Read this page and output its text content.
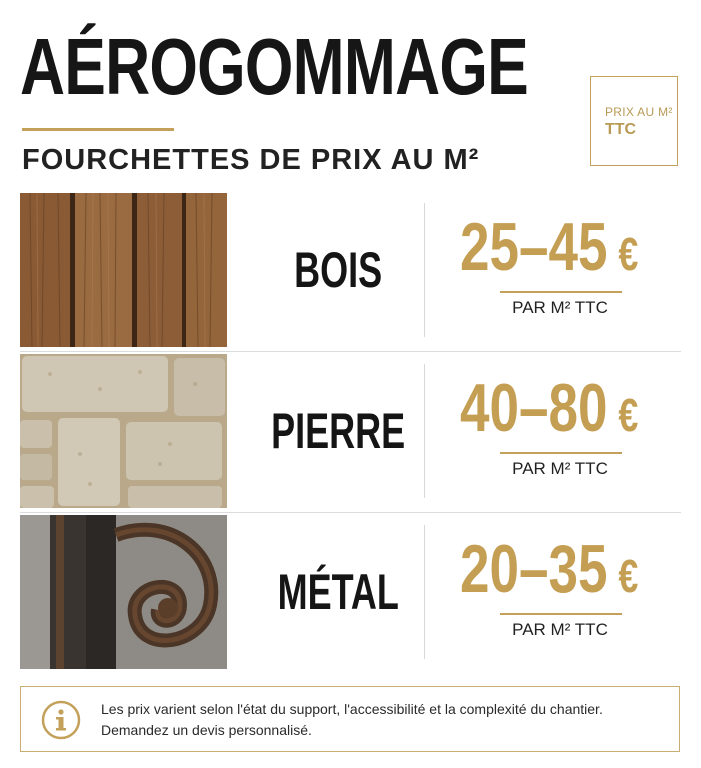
AÉROGOMMAGE
FOURCHETTES DE PRIX AU M²
PRIX AU M²
TTC
BOIS 25–45 €
PAR M² TTC
PIERRE 40–80 €
PAR M² TTC
MÉTAL 20–35 €
PAR M² TTC
Les prix varient selon l'état du support, l'accessibilité et la complexité du chantier.
Demandez un devis personnalisé.
